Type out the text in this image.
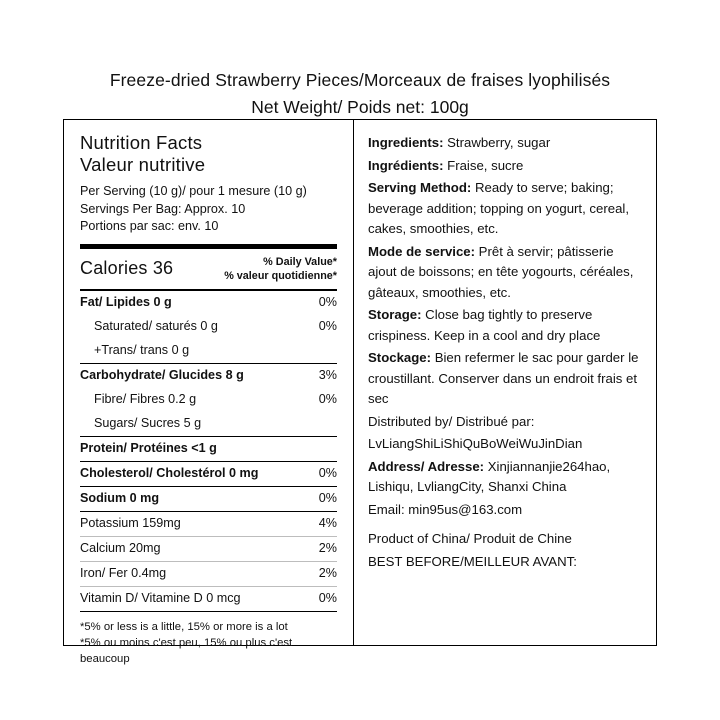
Freeze-dried Strawberry Pieces/Morceaux de fraises lyophilisés
Net Weight/ Poids net: 100g
Nutrition Facts
Valeur nutritive
Per Serving (10 g)/ pour 1 mesure (10 g)
Servings Per Bag: Approx. 10
Portions par sac: env. 10
Calories 36	% Daily Value*
% valeur quotidienne*
Fat/ Lipides 0 g	0%
Saturated/ saturés 0 g	0%
+Trans/ trans 0 g	
Carbohydrate/ Glucides 8 g	3%
Fibre/ Fibres 0.2 g	0%
Sugars/ Sucres 5 g	
Protein/ Protéines <1 g	
Cholesterol/ Cholestérol 0 mg	0%
Sodium 0 mg	0%
Potassium 159mg	4%
Calcium 20mg	2%
Iron/ Fer 0.4mg	2%
Vitamin D/ Vitamine D 0 mcg	0%
*5% or less is a little, 15% or more is a lot
*5% ou moins c'est peu, 15% ou plus c'est beaucoup

Ingredients: Strawberry, sugar

Ingrédients: Fraise, sucre

Serving Method: Ready to serve; baking; beverage addition; topping on yogurt, cereal, cakes, smoothies, etc.

Mode de service: Prêt à servir; pâtisserie ajout de boissons; en tête yogourts, céréales, gâteaux, smoothies, etc.

Storage: Close bag tightly to preserve crispiness. Keep in a cool and dry place

Stockage: Bien refermer le sac pour garder le croustillant. Conserver dans un endroit frais et sec

Distributed by/ Distribué par:

LvLiangShiLiShiQuBoWeiWuJinDian

Address/ Adresse: Xinjiannanjie264hao, Lishiqu, LvliangCity, Shanxi China

Email: min95us@163.com

Product of China/ Produit de Chine

BEST BEFORE/MEILLEUR AVANT:
